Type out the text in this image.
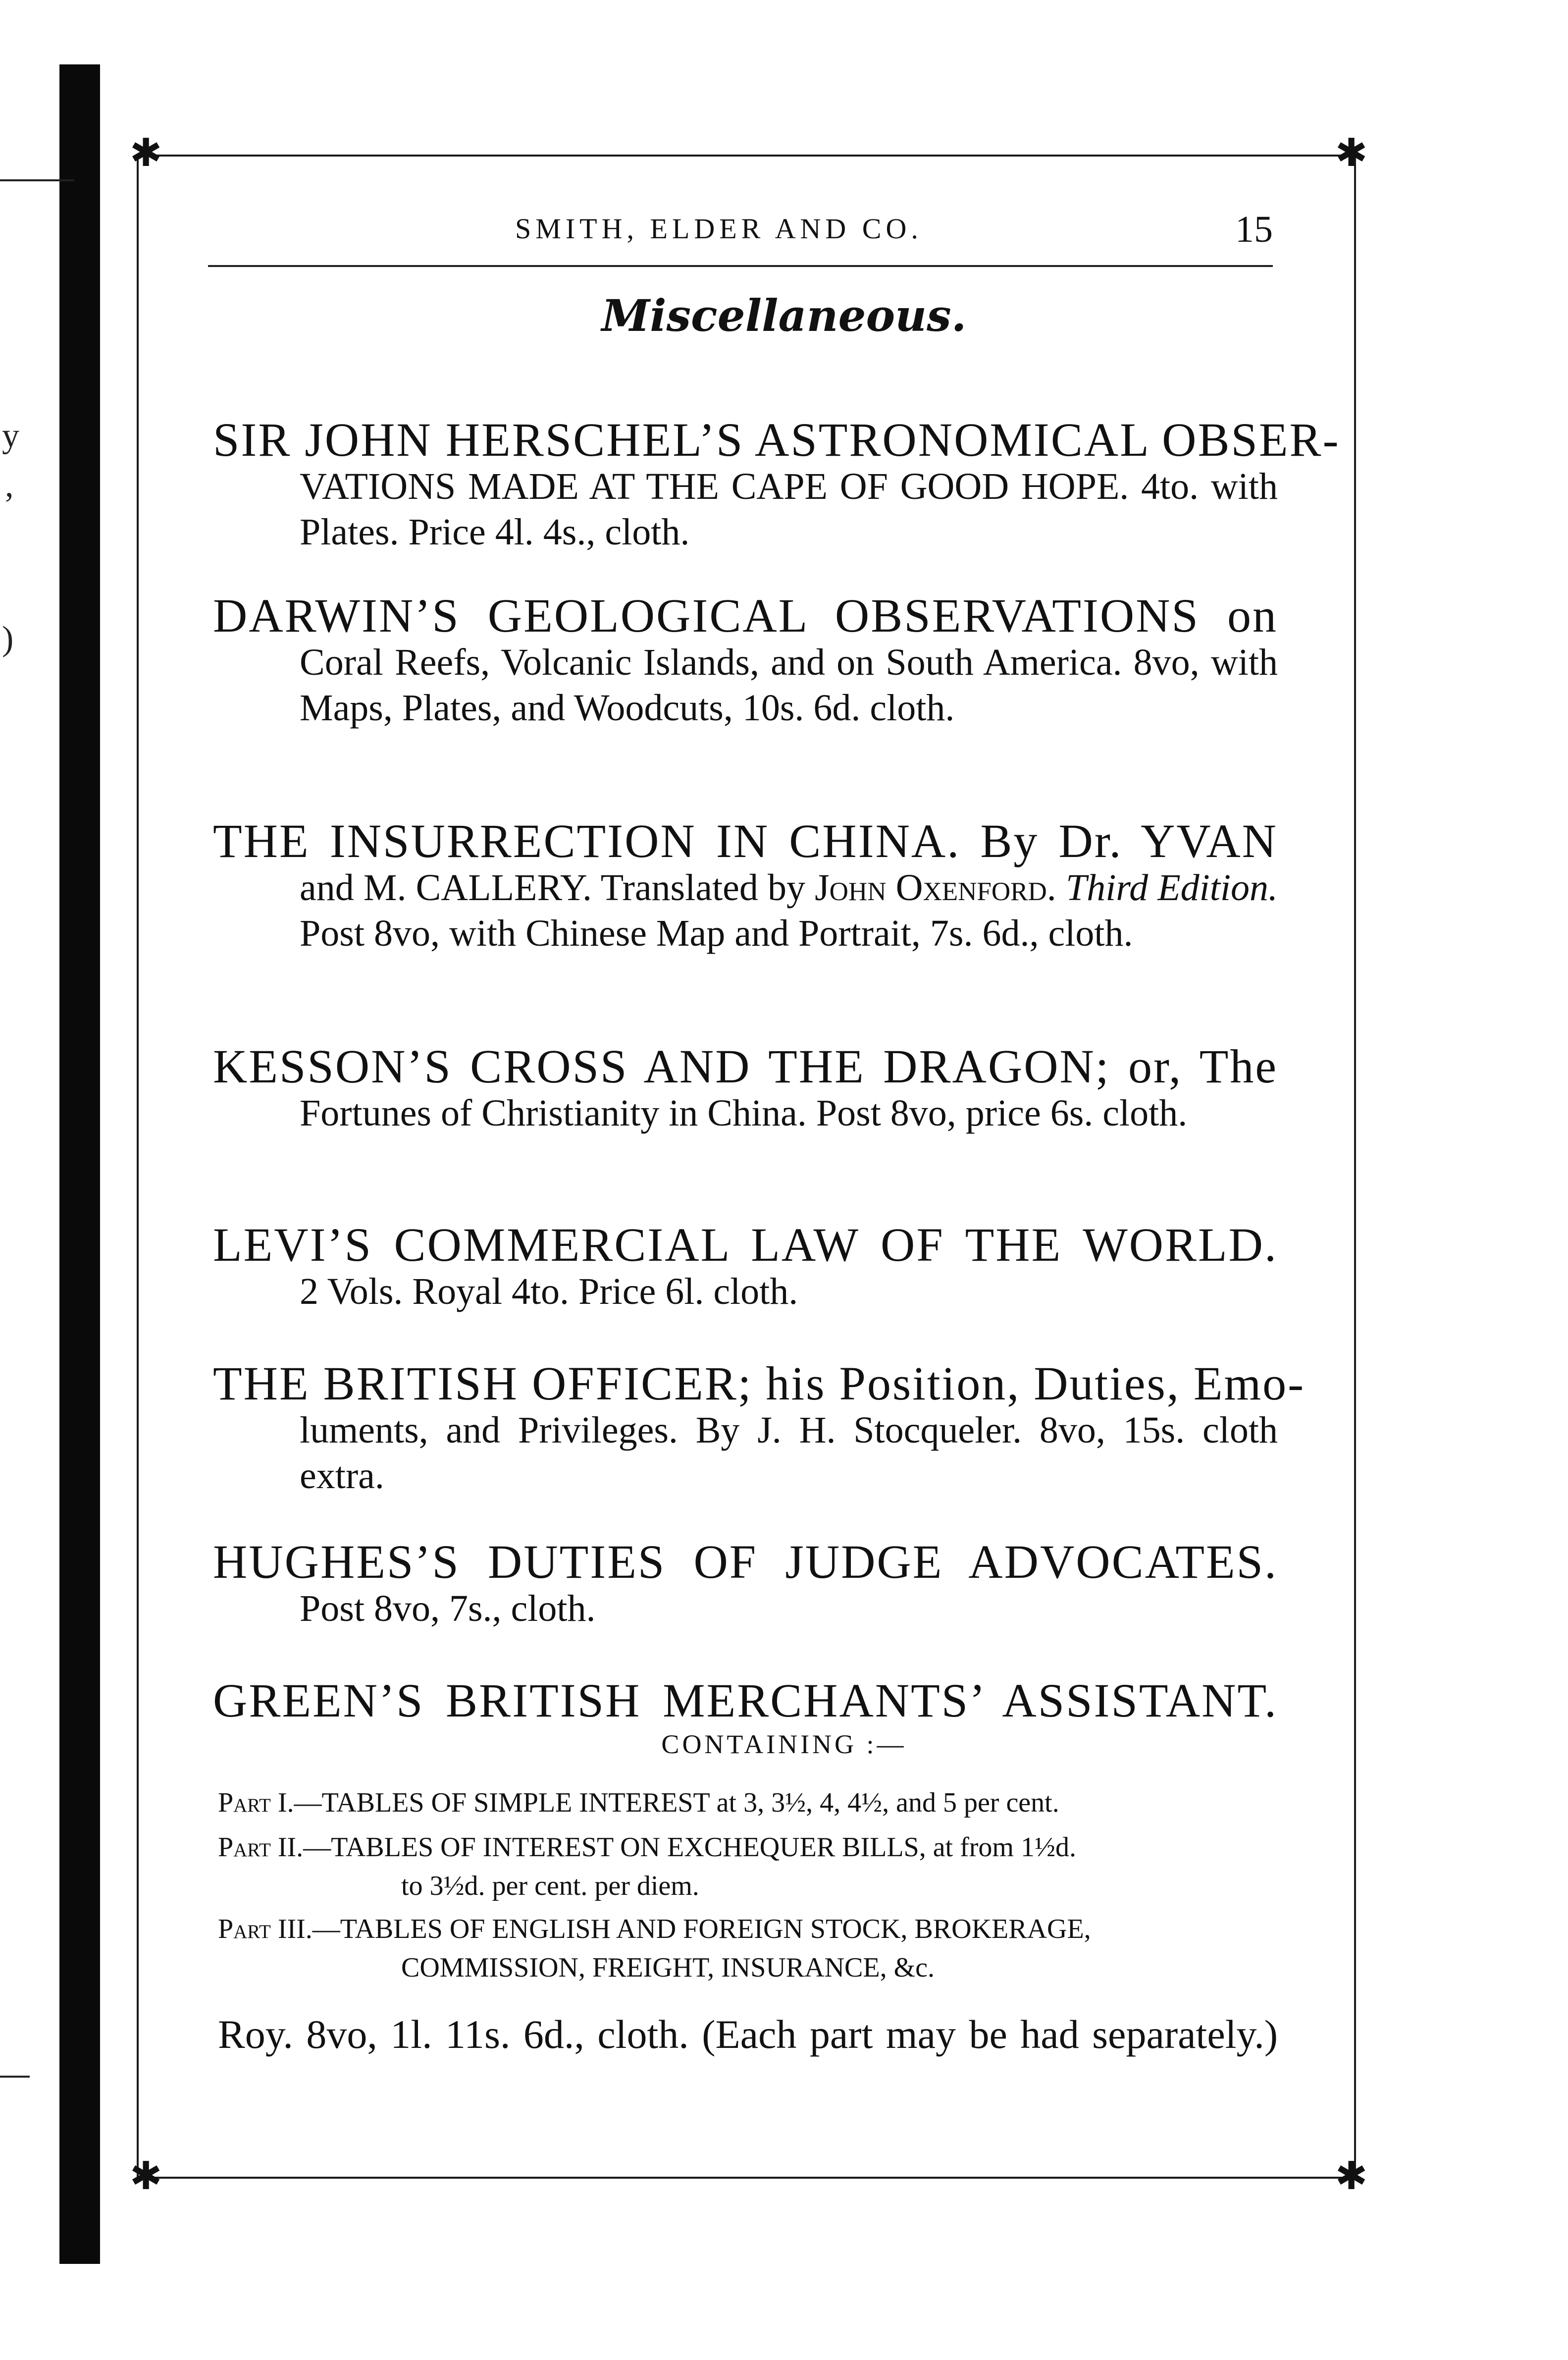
y
,
)
✱	✱
✱	✱
SMITH, ELDER AND CO.	15
Miscellaneous.
SIR JOHN HERSCHEL’S ASTRONOMICAL OBSER-
VATIONS MADE AT THE CAPE OF GOOD HOPE. 4to. with Plates. Price 4l. 4s., cloth.
DARWIN’S GEOLOGICAL OBSERVATIONS on
Coral Reefs, Volcanic Islands, and on South America. 8vo, with Maps, Plates, and Woodcuts, 10s. 6d. cloth.
THE INSURRECTION IN CHINA. By Dr. YVAN
and M. CALLERY. Translated by John Oxenford. Third Edition. Post 8vo, with Chinese Map and Portrait, 7s. 6d., cloth.
KESSON’S CROSS AND THE DRAGON; or, The
Fortunes of Christianity in China. Post 8vo, price 6s. cloth.
LEVI’S COMMERCIAL LAW OF THE WORLD.
2 Vols. Royal 4to. Price 6l. cloth.
THE BRITISH OFFICER; his Position, Duties, Emo-
luments, and Privileges. By J. H. Stocqueler. 8vo, 15s. cloth extra.
HUGHES’S DUTIES OF JUDGE ADVOCATES.
Post 8vo, 7s., cloth.
GREEN’S BRITISH MERCHANTS’ ASSISTANT.
CONTAINING :—
Part I.—TABLES OF SIMPLE INTEREST at 3, 3½, 4, 4½, and 5 per cent.
Part II.—TABLES OF INTEREST ON EXCHEQUER BILLS, at from 1½d.
to 3½d. per cent. per diem.
Part III.—TABLES OF ENGLISH AND FOREIGN STOCK, BROKERAGE,
COMMISSION, FREIGHT, INSURANCE, &c.
Roy. 8vo, 1l. 11s. 6d., cloth. (Each part may be had separately.)
